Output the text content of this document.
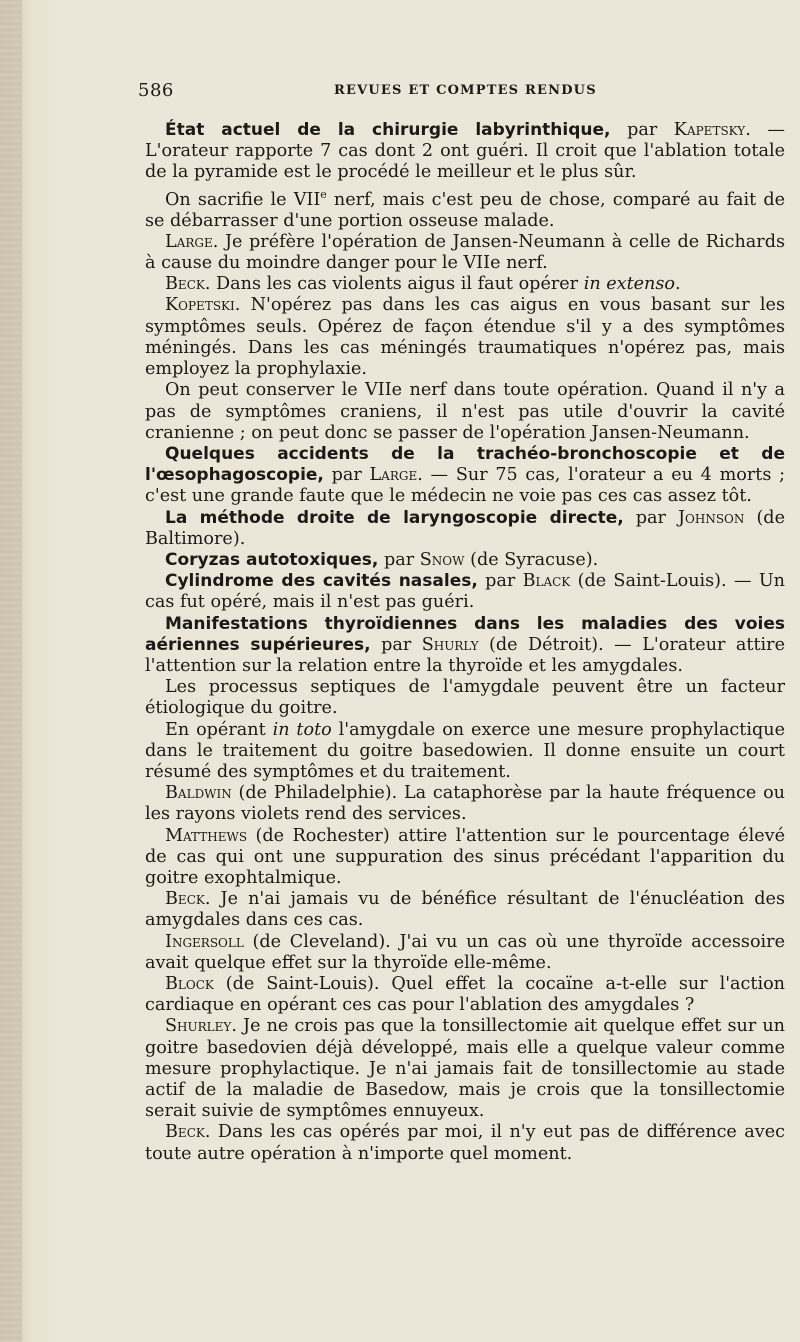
586	REVUES ET COMPTES RENDUS

État actuel de la chirurgie labyrinthique, par Kapetsky. — L'orateur rapporte 7 cas dont 2 ont guéri. Il croit que l'ablation totale de la pyramide est le procédé le meilleur et le plus sûr.

On sacrifie le VIIe nerf, mais c'est peu de chose, comparé au fait de se débarrasser d'une portion osseuse malade.

Large. Je préfère l'opération de Jansen-Neumann à celle de Richards à cause du moindre danger pour le VIIe nerf.

Beck. Dans les cas violents aigus il faut opérer in extenso.

Kopetski. N'opérez pas dans les cas aigus en vous basant sur les symptômes seuls. Opérez de façon étendue s'il y a des symptômes méningés. Dans les cas méningés traumatiques n'opérez pas, mais employez la prophylaxie.

On peut conserver le VIIe nerf dans toute opération. Quand il n'y a pas de symptômes craniens, il n'est pas utile d'ouvrir la cavité cranienne ; on peut donc se passer de l'opération Jansen-Neumann.

Quelques accidents de la trachéo-bronchoscopie et de l'œsophagoscopie, par Large. — Sur 75 cas, l'orateur a eu 4 morts ; c'est une grande faute que le médecin ne voie pas ces cas assez tôt.

La méthode droite de laryngoscopie directe, par Johnson (de Baltimore).

Coryzas autotoxiques, par Snow (de Syracuse).

Cylindrome des cavités nasales, par Black (de Saint-Louis). — Un cas fut opéré, mais il n'est pas guéri.

Manifestations thyroïdiennes dans les maladies des voies aériennes supérieures, par Shurly (de Détroit). — L'orateur attire l'attention sur la relation entre la thyroïde et les amygdales.

Les processus septiques de l'amygdale peuvent être un facteur étiologique du goitre.

En opérant in toto l'amygdale on exerce une mesure prophylactique dans le traitement du goitre basedowien. Il donne ensuite un court résumé des symptômes et du traitement.

Baldwin (de Philadelphie). La cataphorèse par la haute fréquence ou les rayons violets rend des services.

Matthews (de Rochester) attire l'attention sur le pourcentage élevé de cas qui ont une suppuration des sinus précédant l'apparition du goitre exophtalmique.

Beck. Je n'ai jamais vu de bénéfice résultant de l'énucléation des amygdales dans ces cas.

Ingersoll (de Cleveland). J'ai vu un cas où une thyroïde accessoire avait quelque effet sur la thyroïde elle-même.

Block (de Saint-Louis). Quel effet la cocaïne a-t-elle sur l'action cardiaque en opérant ces cas pour l'ablation des amygdales ?

Shurley. Je ne crois pas que la tonsillectomie ait quelque effet sur un goitre basedovien déjà développé, mais elle a quelque valeur comme mesure prophylactique. Je n'ai jamais fait de tonsillectomie au stade actif de la maladie de Basedow, mais je crois que la tonsillectomie serait suivie de symptômes ennuyeux.

Beck. Dans les cas opérés par moi, il n'y eut pas de différence avec toute autre opération à n'importe quel moment.
